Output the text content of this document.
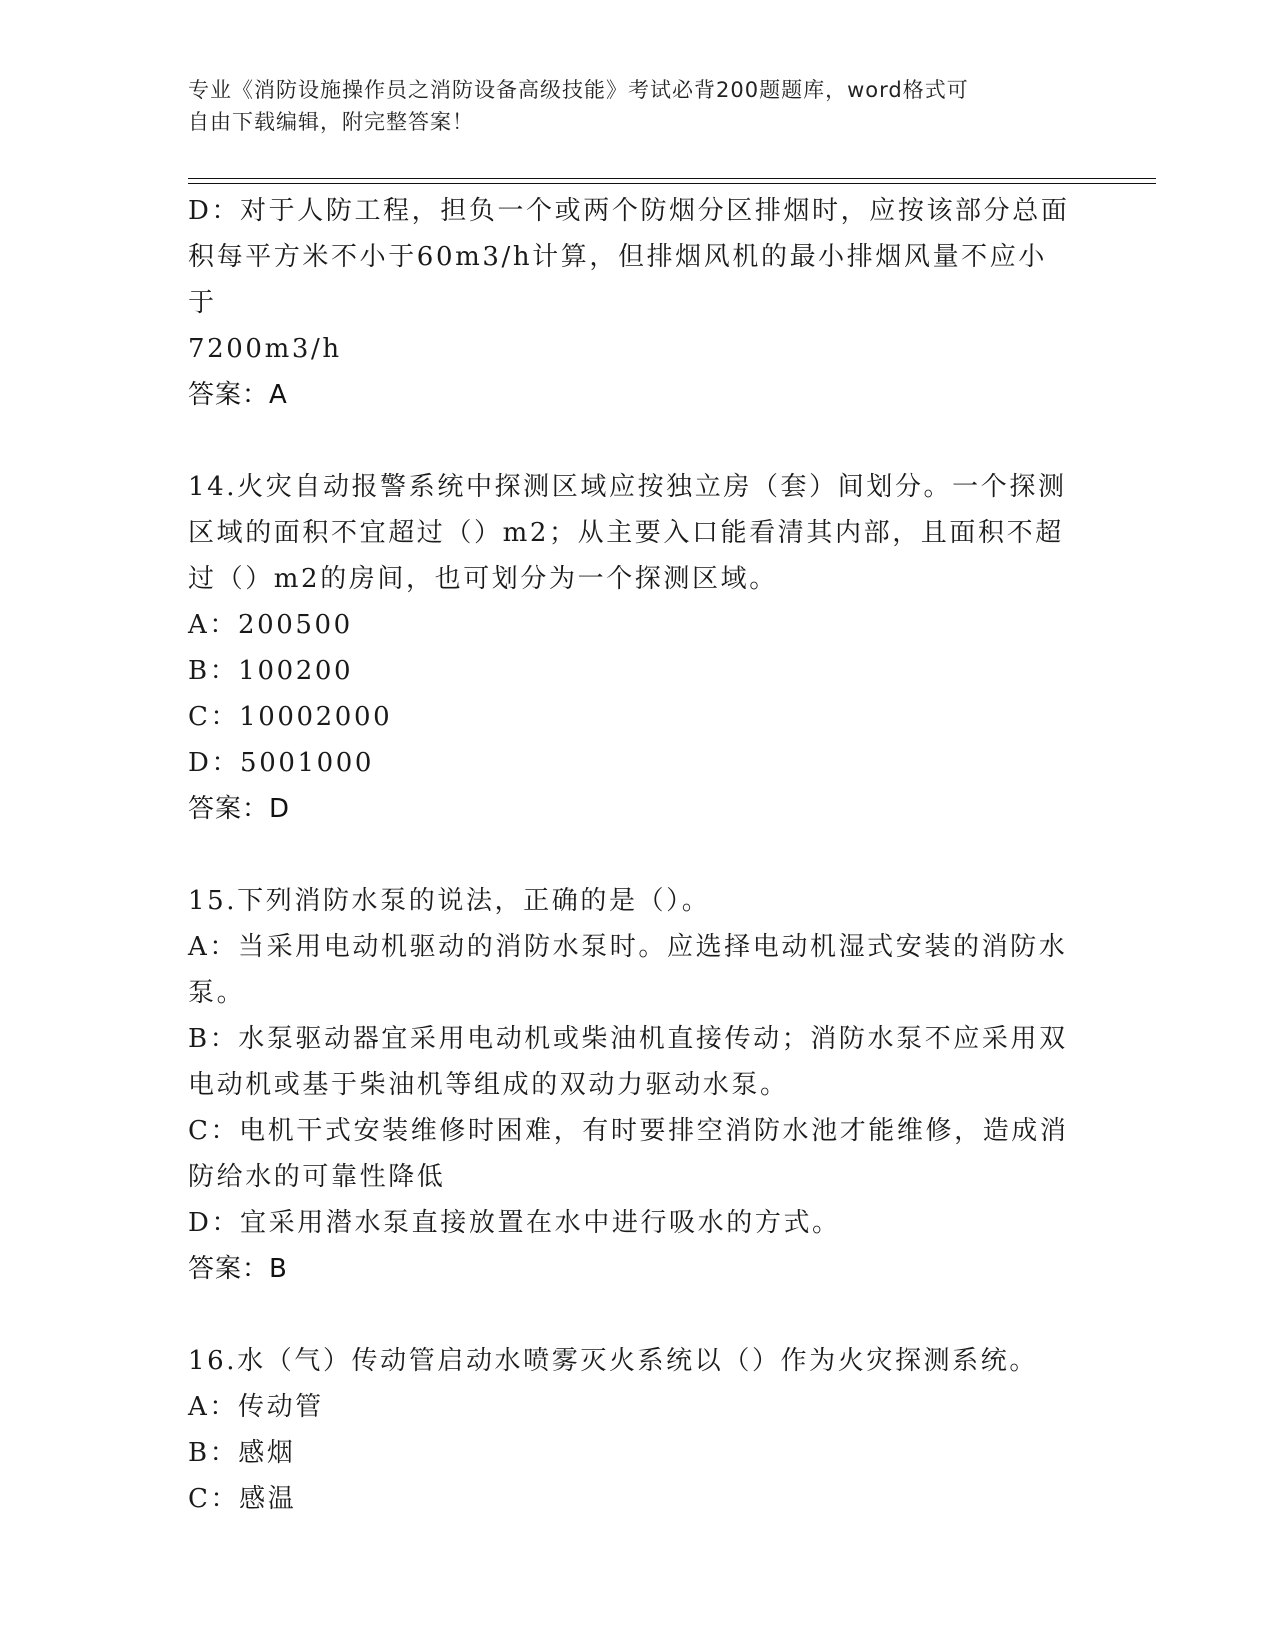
专业《消防设施操作员之消防设备高级技能》考试必背200题题库，word格式可
自由下载编辑，附完整答案！
D：对于人防工程，担负一个或两个防烟分区排烟时，应按该部分总面
积每平方米不小于60m3/h计算，但排烟风机的最小排烟风量不应小于
7200m3/h
答案：A
14.火灾自动报警系统中探测区域应按独立房（套）间划分。一个探测
区域的面积不宜超过（）m2；从主要入口能看清其内部，且面积不超
过（）m2的房间，也可划分为一个探测区域。
A：200500
B：100200
C：10002000
D：5001000
答案：D
15.下列消防水泵的说法，正确的是（）。
A：当采用电动机驱动的消防水泵时。应选择电动机湿式安装的消防水
泵。
B：水泵驱动器宜采用电动机或柴油机直接传动；消防水泵不应采用双
电动机或基于柴油机等组成的双动力驱动水泵。
C：电机干式安装维修时困难，有时要排空消防水池才能维修，造成消
防给水的可靠性降低
D：宜采用潜水泵直接放置在水中进行吸水的方式。
答案：B
16.水（气）传动管启动水喷雾灭火系统以（）作为火灾探测系统。
A：传动管
B：感烟
C：感温
